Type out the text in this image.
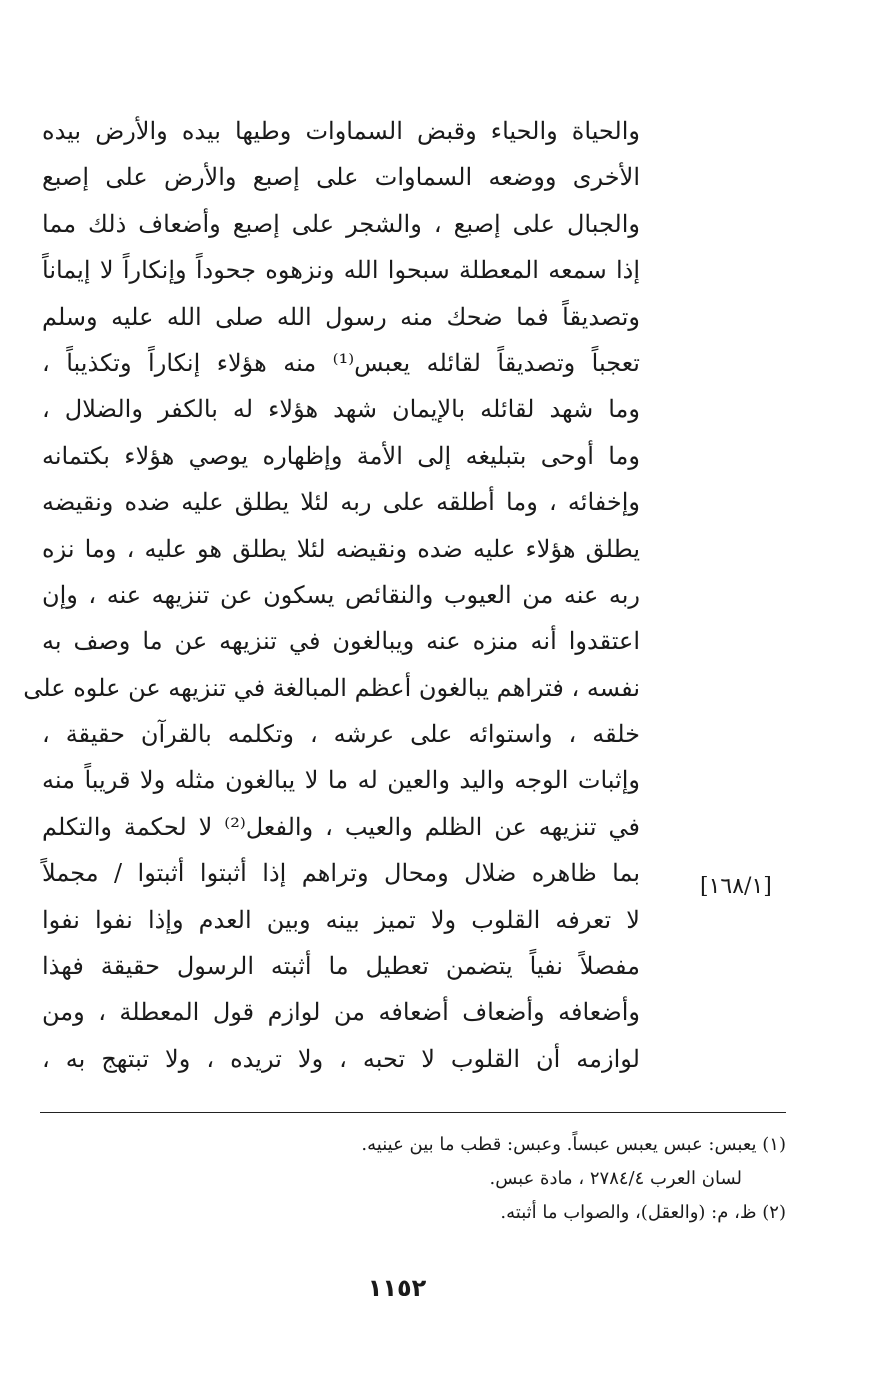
والحياة والحياء وقبض السماوات وطيها بيده والأرض بيده
الأخرى ووضعه السماوات على إصبع والأرض على إصبع
والجبال على إصبع ، والشجر على إصبع وأضعاف ذلك مما
إذا سمعه المعطلة سبحوا الله ونزهوه جحوداً وإنكاراً لا إيماناً
وتصديقاً فما ضحك منه رسول الله صلى الله عليه وسلم
تعجباً وتصديقاً لقائله يعبس⁽¹⁾ منه هؤلاء إنكاراً وتكذيباً ،
وما شهد لقائله بالإيمان شهد هؤلاء له بالكفر والضلال ،
وما أوحى بتبليغه إلى الأمة وإظهاره يوصي هؤلاء بكتمانه
وإخفائه ، وما أطلقه على ربه لئلا يطلق عليه ضده ونقيضه
يطلق هؤلاء عليه ضده ونقيضه لئلا يطلق هو عليه ، وما نزه
ربه عنه من العيوب والنقائص يسكون عن تنزيهه عنه ، وإن
اعتقدوا أنه منزه عنه ويبالغون في تنزيهه عن ما وصف به
نفسه ، فتراهم يبالغون أعظم المبالغة في تنزيهه عن علوه على
خلقه ، واستوائه على عرشه ، وتكلمه بالقرآن حقيقة ،
وإثبات الوجه واليد والعين له ما لا يبالغون مثله ولا قريباً منه
في تنزيهه عن الظلم والعيب ، والفعل⁽²⁾ لا لحكمة والتكلم
بما ظاهره ضلال ومحال وتراهم إذا أثبتوا أثبتوا / مجملاً
لا تعرفه القلوب ولا تميز بينه وبين العدم وإذا نفوا نفوا
مفصلاً نفياً يتضمن تعطيل ما أثبته الرسول حقيقة فهذا
وأضعافه وأضعاف أضعافه من لوازم قول المعطلة ، ومن
لوازمه أن القلوب لا تحبه ، ولا تريده ، ولا تبتهج به ،
[١٦٨/١]
(١) يعبس: عبس يعبس عبساً. وعبس: قطب ما بين عينيه.
لسان العرب ٢٧٨٤/٤ ، مادة عبس.
(٢) ظ، م: (والعقل)، والصواب ما أثبته.
١١٥٢
